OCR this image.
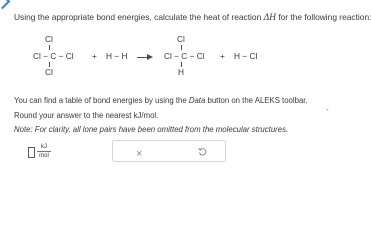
Using the appropriate bond energies, calculate the heat of reaction ΔH for the following reaction:
Cl
Cl − C − Cl
Cl
+ H − H
Cl
Cl − C − Cl
H
+ H − Cl
You can find a table of bond energies by using the Data button on the ALEKS toolbar.
-
Round your answer to the nearest kJ/mol.
Note: For clarity, all lone pairs have been omitted from the molecular structures.
kJ
mol	×
